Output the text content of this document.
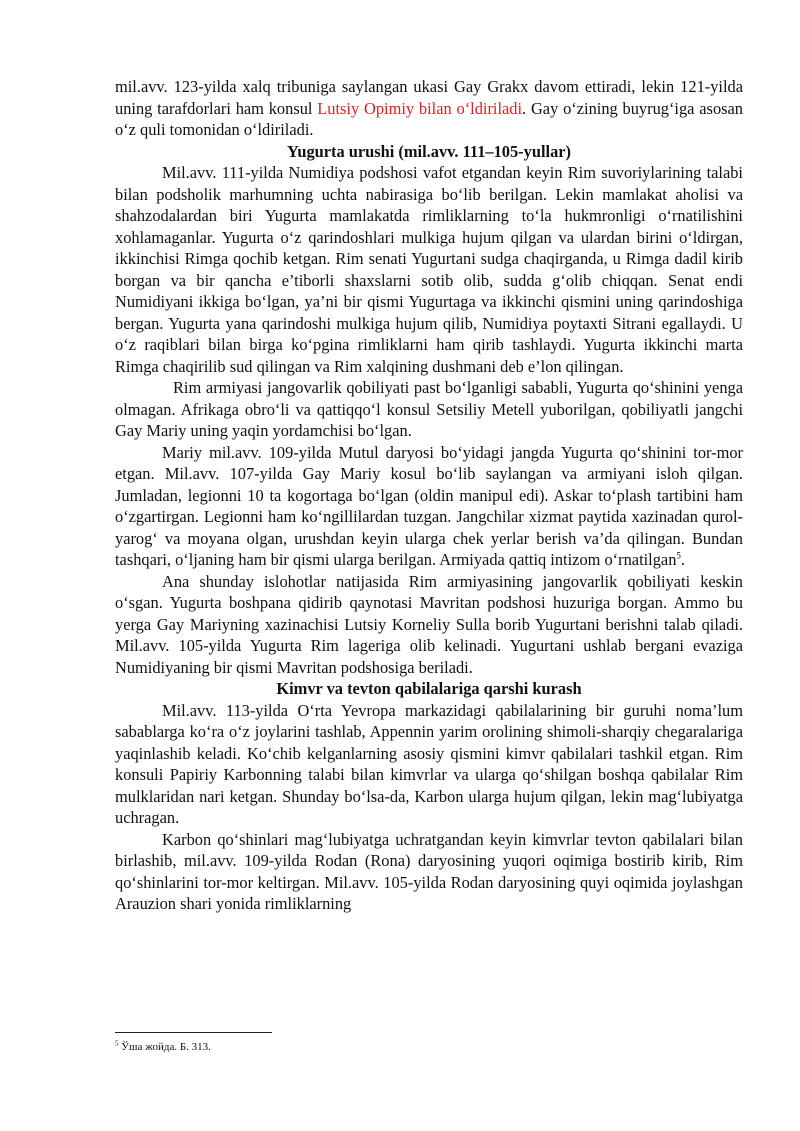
mil.avv. 123-yilda xalq tribuniga saylangan ukasi Gay Grakx davom ettiradi, lekin 121-yilda uning tarafdorlari ham konsul Lutsiy Opimiy bilan o‘ldiriladi. Gay o‘zining buyrug‘iga asosan o‘z quli tomonidan o‘ldiriladi.

Yugurta urushi (mil.avv. 111–105-yullar)

Mil.avv. 111-yilda Numidiya podshosi vafot etgandan keyin Rim suvoriylarining talabi bilan podsholik marhumning uchta nabirasiga bo‘lib berilgan. Lekin mamlakat aholisi va shahzodalardan biri Yugurta mamlakatda rimliklarning to‘la hukmronligi o‘rnatilishini xohlamaganlar. Yugurta o‘z qarindoshlari mulkiga hujum qilgan va ulardan birini o‘ldirgan, ikkinchisi Rimga qochib ketgan. Rim senati Yugurtani sudga chaqirganda, u Rimga dadil kirib borgan va bir qancha e’tiborli shaxslarni sotib olib, sudda g‘olib chiqqan. Senat endi Numidiyani ikkiga bo‘lgan, ya’ni bir qismi Yugurtaga va ikkinchi qismini uning qarindoshiga bergan. Yugurta yana qarindoshi mulkiga hujum qilib, Numidiya poytaxti Sitrani egallaydi. U o‘z raqiblari bilan birga ko‘pgina rimliklarni ham qirib tashlaydi. Yugurta ikkinchi marta Rimga chaqirilib sud qilingan va Rim xalqining dushmani deb e’lon qilingan.

Rim armiyasi jangovarlik qobiliyati past bo‘lganligi sababli, Yugurta qo‘shinini yenga olmagan. Afrikaga obro‘li va qattiqqo‘l konsul Setsiliy Metell yuborilgan, qobiliyatli jangchi Gay Mariy uning yaqin yordamchisi bo‘lgan.

Mariy mil.avv. 109-yilda Mutul daryosi bo‘yidagi jangda Yugurta qo‘shinini tor-mor etgan. Mil.avv. 107-yilda Gay Mariy kosul bo‘lib saylangan va armiyani isloh qilgan. Jumladan, legionni 10 ta kogortaga bo‘lgan (oldin manipul edi). Askar to‘plash tartibini ham o‘zgartirgan. Legionni ham ko‘ngillilardan tuzgan. Jangchilar xizmat paytida xazinadan qurol-yarog‘ va moyana olgan, urushdan keyin ularga chek yerlar berish va’da qilingan. Bundan tashqari, o‘ljaning ham bir qismi ularga berilgan. Armiyada qattiq intizom o‘rnatilgan$^5$.

Ana shunday islohotlar natijasida Rim armiyasining jangovarlik qobiliyati keskin o‘sgan. Yugurta boshpana qidirib qaynotasi Mavritan podshosi huzuriga borgan. Ammo bu yerga Gay Mariyning xazinachisi Lutsiy Korneliy Sulla borib Yugurtani berishni talab qiladi. Mil.avv. 105-yilda Yugurta Rim lageriga olib kelinadi. Yugurtani ushlab bergani evaziga Numidiyaning bir qismi Mavritan podshosiga beriladi.

Kimvr va tevton qabilalariga qarshi kurash

Mil.avv. 113-yilda O‘rta Yevropa markazidagi qabilalarining bir guruhi noma’lum sabablarga ko‘ra o‘z joylarini tashlab, Appennin yarim orolining shimoli-sharqiy chegaralariga yaqinlashib keladi. Ko‘chib kelganlarning asosiy qismini kimvr qabilalari tashkil etgan. Rim konsuli Papiriy Karbonning talabi bilan kimvrlar va ularga qo‘shilgan boshqa qabilalar Rim mulklaridan nari ketgan. Shunday bo‘lsa-da, Karbon ularga hujum qilgan, lekin mag‘lubiyatga uchragan.

Karbon qo‘shinlari mag‘lubiyatga uchratgandan keyin kimvrlar tevton qabilalari bilan birlashib, mil.avv. 109-yilda Rodan (Rona) daryosining yuqori oqimiga bostirib kirib, Rim qo‘shinlarini tor-mor keltirgan. Mil.avv. 105-yilda Rodan daryosining quyi oqimida joylashgan Arauzion shari yonida rimliklarning

$^5$ Ўша жойда. Б. 313.
